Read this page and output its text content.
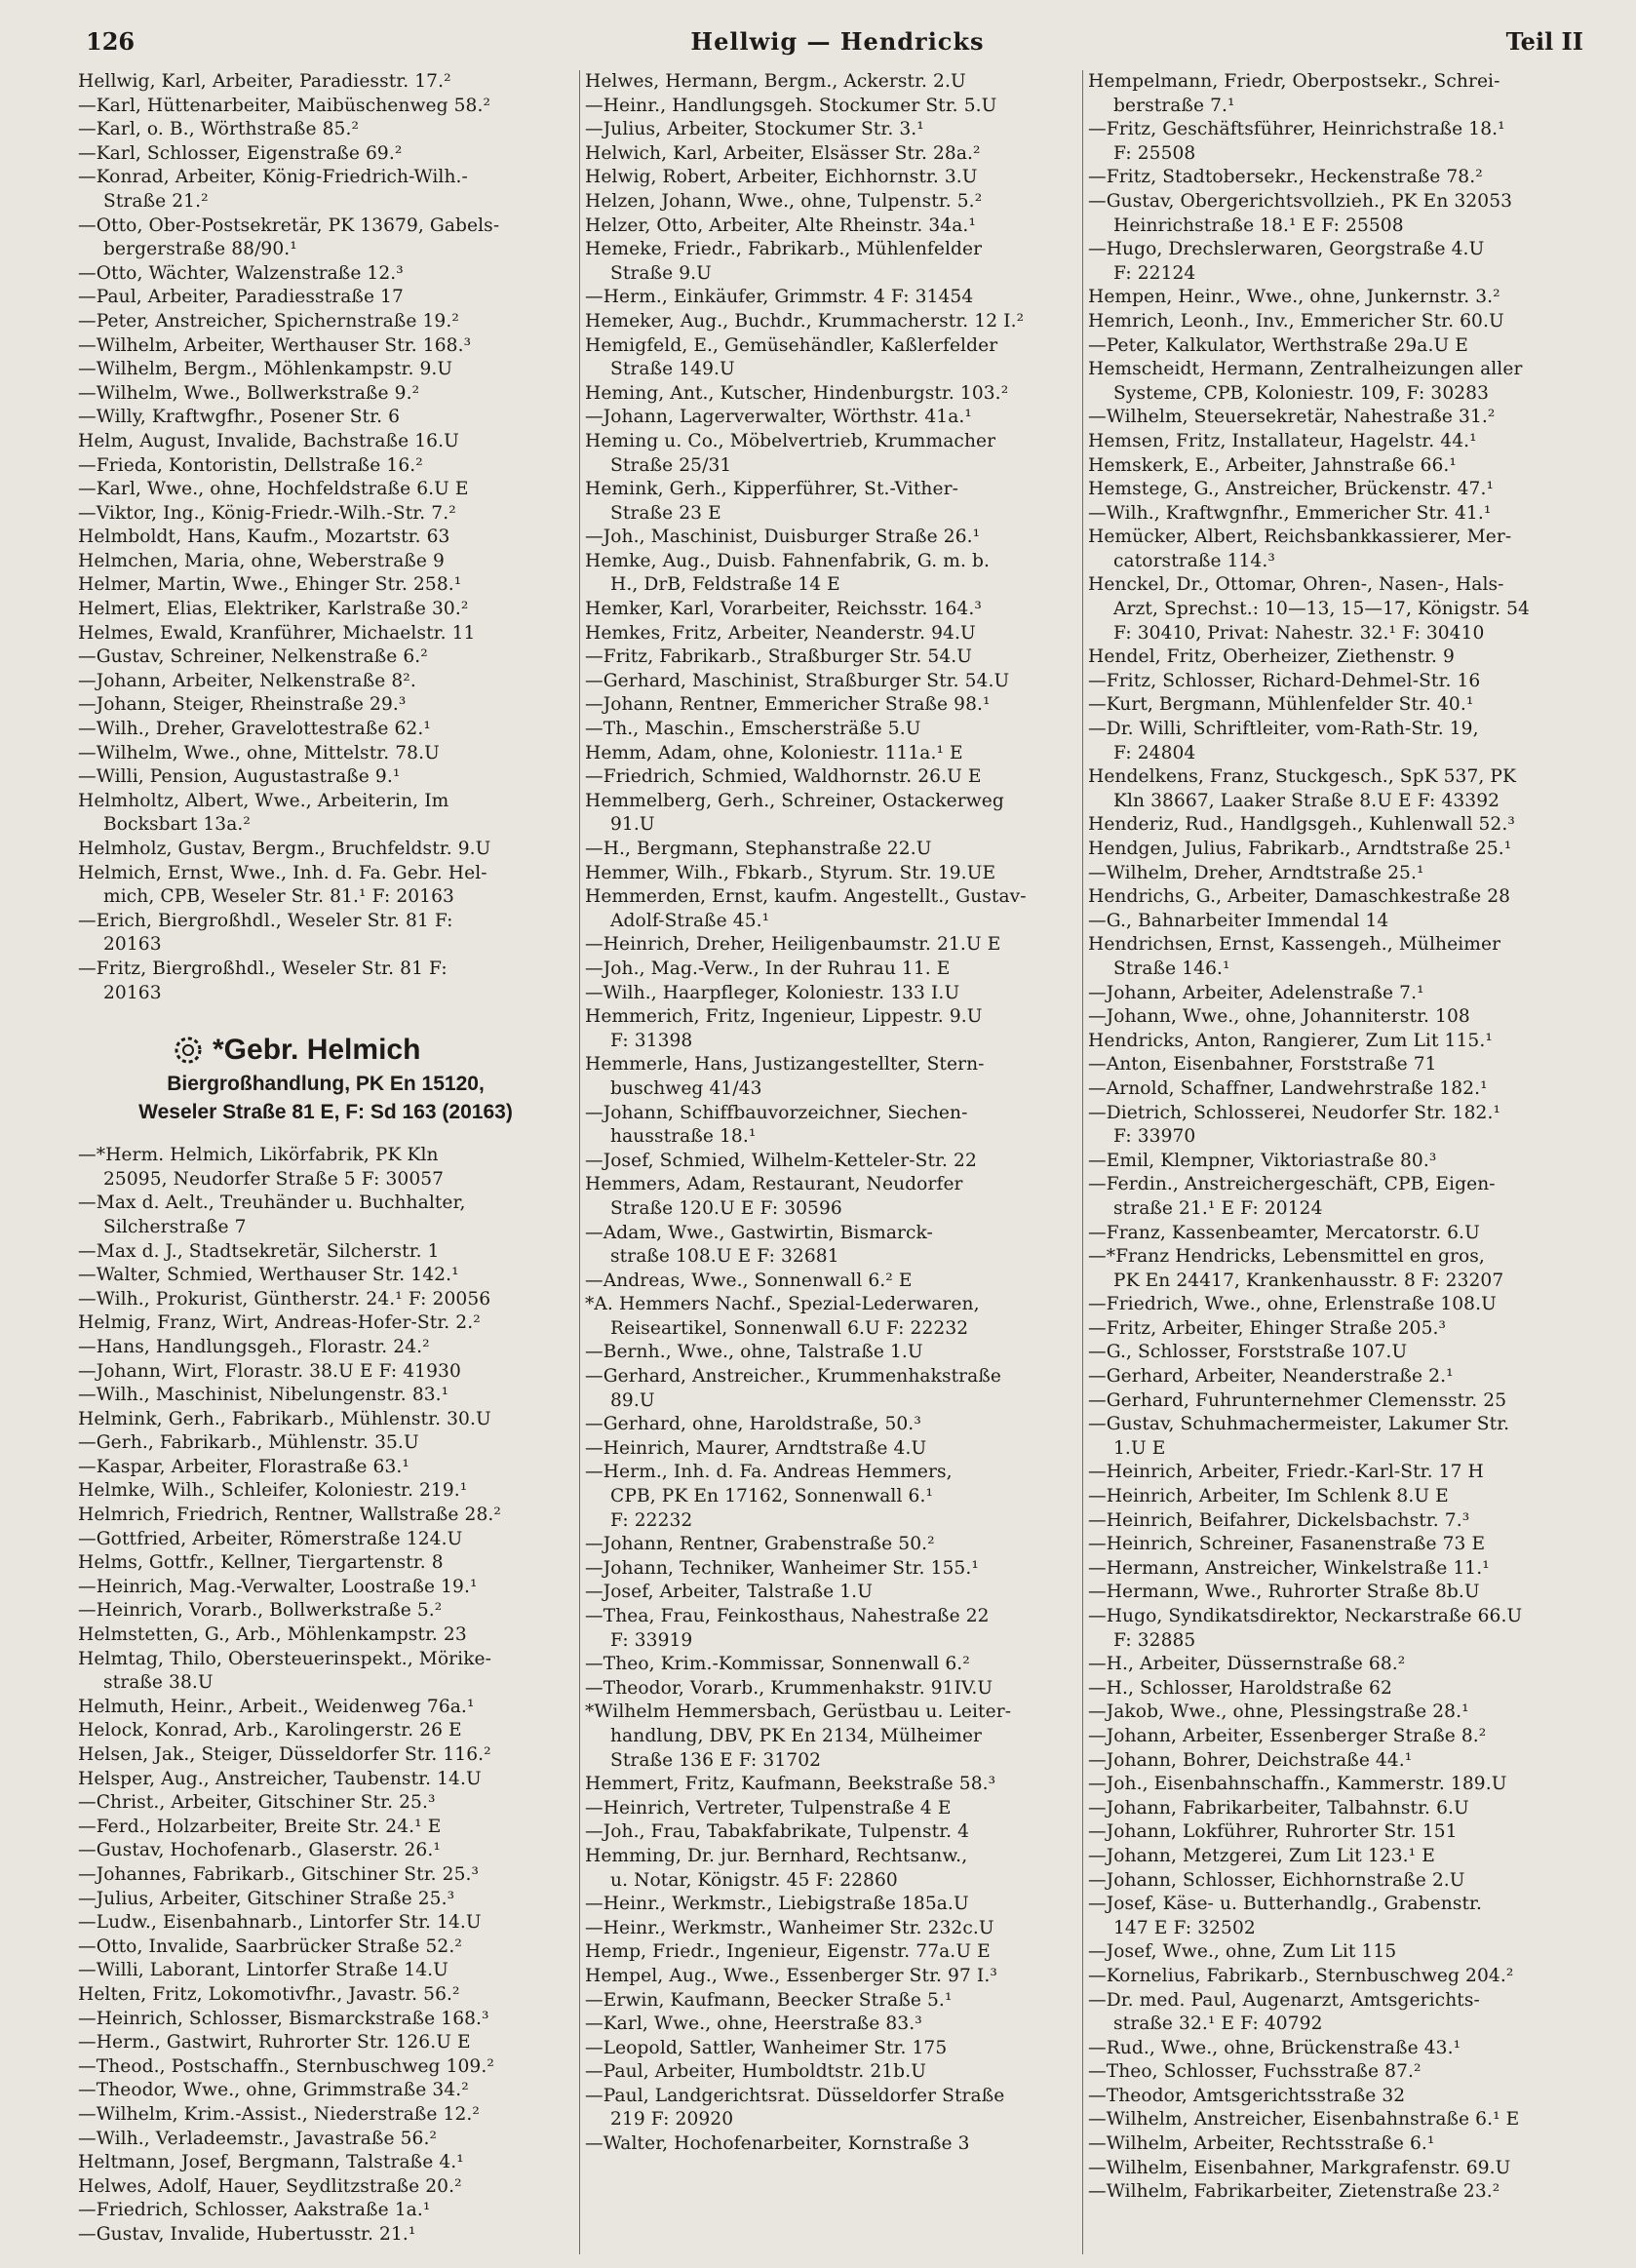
126	Hellwig — Hendricks	Teil II
Hellwig, Karl, Arbeiter, Paradiesstr. 17.²
—Karl, Hüttenarbeiter, Maibüschenweg 58.²
—Karl, o. B., Wörthstraße 85.²
—Karl, Schlosser, Eigenstraße 69.²
—Konrad, Arbeiter, König-Friedrich-Wilh.-
Straße 21.²
—Otto, Ober-Postsekretär, PK 13679, Gabels-
bergerstraße 88/90.¹
—Otto, Wächter, Walzenstraße 12.³
—Paul, Arbeiter, Paradiesstraße 17
—Peter, Anstreicher, Spichernstraße 19.²
—Wilhelm, Arbeiter, Werthauser Str. 168.³
—Wilhelm, Bergm., Möhlenkampstr. 9.U
—Wilhelm, Wwe., Bollwerkstraße 9.²
—Willy, Kraftwgfhr., Posener Str. 6
Helm, August, Invalide, Bachstraße 16.U
—Frieda, Kontoristin, Dellstraße 16.²
—Karl, Wwe., ohne, Hochfeldstraße 6.U E
—Viktor, Ing., König-Friedr.-Wilh.-Str. 7.²
Helmboldt, Hans, Kaufm., Mozartstr. 63
Helmchen, Maria, ohne, Weberstraße 9
Helmer, Martin, Wwe., Ehinger Str. 258.¹
Helmert, Elias, Elektriker, Karlstraße 30.²
Helmes, Ewald, Kranführer, Michaelstr. 11
—Gustav, Schreiner, Nelkenstraße 6.²
—Johann, Arbeiter, Nelkenstraße 8².
—Johann, Steiger, Rheinstraße 29.³
—Wilh., Dreher, Gravelottestraße 62.¹
—Wilhelm, Wwe., ohne, Mittelstr. 78.U
—Willi, Pension, Augustastraße 9.¹
Helmholtz, Albert, Wwe., Arbeiterin, Im
Bocksbart 13a.²
Helmholz, Gustav, Bergm., Bruchfeldstr. 9.U
Helmich, Ernst, Wwe., Inh. d. Fa. Gebr. Hel-
mich, CPB, Weseler Str. 81.¹ F: 20163
—Erich, Biergroßhdl., Weseler Str. 81 F:
20163
—Fritz, Biergroßhdl., Weseler Str. 81 F:
20163
*Gebr. Helmich
Biergroßhandlung, PK En 15120,
Weseler Straße 81 E, F: Sd 163 (20163)
—*Herm. Helmich, Likörfabrik, PK Kln
25095, Neudorfer Straße 5 F: 30057
—Max d. Aelt., Treuhänder u. Buchhalter,
Silcherstraße 7
—Max d. J., Stadtsekretär, Silcherstr. 1
—Walter, Schmied, Werthauser Str. 142.¹
—Wilh., Prokurist, Güntherstr. 24.¹ F: 20056
Helmig, Franz, Wirt, Andreas-Hofer-Str. 2.²
—Hans, Handlungsgeh., Florastr. 24.²
—Johann, Wirt, Florastr. 38.U E F: 41930
—Wilh., Maschinist, Nibelungenstr. 83.¹
Helmink, Gerh., Fabrikarb., Mühlenstr. 30.U
—Gerh., Fabrikarb., Mühlenstr. 35.U
—Kaspar, Arbeiter, Florastraße 63.¹
Helmke, Wilh., Schleifer, Koloniestr. 219.¹
Helmrich, Friedrich, Rentner, Wallstraße 28.²
—Gottfried, Arbeiter, Römerstraße 124.U
Helms, Gottfr., Kellner, Tiergartenstr. 8
—Heinrich, Mag.-Verwalter, Loostraße 19.¹
—Heinrich, Vorarb., Bollwerkstraße 5.²
Helmstetten, G., Arb., Möhlenkampstr. 23
Helmtag, Thilo, Obersteuerinspekt., Mörike-
straße 38.U
Helmuth, Heinr., Arbeit., Weidenweg 76a.¹
Helock, Konrad, Arb., Karolingerstr. 26 E
Helsen, Jak., Steiger, Düsseldorfer Str. 116.²
Helsper, Aug., Anstreicher, Taubenstr. 14.U
—Christ., Arbeiter, Gitschiner Str. 25.³
—Ferd., Holzarbeiter, Breite Str. 24.¹ E
—Gustav, Hochofenarb., Glaserstr. 26.¹
—Johannes, Fabrikarb., Gitschiner Str. 25.³
—Julius, Arbeiter, Gitschiner Straße 25.³
—Ludw., Eisenbahnarb., Lintorfer Str. 14.U
—Otto, Invalide, Saarbrücker Straße 52.²
—Willi, Laborant, Lintorfer Straße 14.U
Helten, Fritz, Lokomotivfhr., Javastr. 56.²
—Heinrich, Schlosser, Bismarckstraße 168.³
—Herm., Gastwirt, Ruhrorter Str. 126.U E
—Theod., Postschaffn., Sternbuschweg 109.²
—Theodor, Wwe., ohne, Grimmstraße 34.²
—Wilhelm, Krim.-Assist., Niederstraße 12.²
—Wilh., Verladeemstr., Javastraße 56.²
Heltmann, Josef, Bergmann, Talstraße 4.¹
Helwes, Adolf, Hauer, Seydlitzstraße 20.²
—Friedrich, Schlosser, Aakstraße 1a.¹
—Gustav, Invalide, Hubertusstr. 21.¹
Helwes, Hermann, Bergm., Ackerstr. 2.U
—Heinr., Handlungsgeh. Stockumer Str. 5.U
—Julius, Arbeiter, Stockumer Str. 3.¹
Helwich, Karl, Arbeiter, Elsässer Str. 28a.²
Helwig, Robert, Arbeiter, Eichhornstr. 3.U
Helzen, Johann, Wwe., ohne, Tulpenstr. 5.²
Helzer, Otto, Arbeiter, Alte Rheinstr. 34a.¹
Hemeke, Friedr., Fabrikarb., Mühlenfelder
Straße 9.U
—Herm., Einkäufer, Grimmstr. 4 F: 31454
Hemeker, Aug., Buchdr., Krummacherstr. 12 I.²
Hemigfeld, E., Gemüsehändler, Kaßlerfelder
Straße 149.U
Heming, Ant., Kutscher, Hindenburgstr. 103.²
—Johann, Lagerverwalter, Wörthstr. 41a.¹
Heming u. Co., Möbelvertrieb, Krummacher
Straße 25/31
Hemink, Gerh., Kipperführer, St.-Vither-
Straße 23 E
—Joh., Maschinist, Duisburger Straße 26.¹
Hemke, Aug., Duisb. Fahnenfabrik, G. m. b.
H., DrB, Feldstraße 14 E
Hemker, Karl, Vorarbeiter, Reichsstr. 164.³
Hemkes, Fritz, Arbeiter, Neanderstr. 94.U
—Fritz, Fabrikarb., Straßburger Str. 54.U
—Gerhard, Maschinist, Straßburger Str. 54.U
—Johann, Rentner, Emmericher Straße 98.¹
—Th., Maschin., Emschersträße 5.U
Hemm, Adam, ohne, Koloniestr. 111a.¹ E
—Friedrich, Schmied, Waldhornstr. 26.U E
Hemmelberg, Gerh., Schreiner, Ostackerweg
91.U
—H., Bergmann, Stephanstraße 22.U
Hemmer, Wilh., Fbkarb., Styrum. Str. 19.UE
Hemmerden, Ernst, kaufm. Angestellt., Gustav-
Adolf-Straße 45.¹
—Heinrich, Dreher, Heiligenbaumstr. 21.U E
—Joh., Mag.-Verw., In der Ruhrau 11. E
—Wilh., Haarpfleger, Koloniestr. 133 I.U
Hemmerich, Fritz, Ingenieur, Lippestr. 9.U
F: 31398
Hemmerle, Hans, Justizangestellter, Stern-
buschweg 41/43
—Johann, Schiffbauvorzeichner, Siechen-
hausstraße 18.¹
—Josef, Schmied, Wilhelm-Ketteler-Str. 22
Hemmers, Adam, Restaurant, Neudorfer
Straße 120.U E F: 30596
—Adam, Wwe., Gastwirtin, Bismarck-
straße 108.U E F: 32681
—Andreas, Wwe., Sonnenwall 6.² E
*A. Hemmers Nachf., Spezial-Lederwaren,
Reiseartikel, Sonnenwall 6.U F: 22232
—Bernh., Wwe., ohne, Talstraße 1.U
—Gerhard, Anstreicher., Krummenhakstraße
89.U
—Gerhard, ohne, Haroldstraße, 50.³
—Heinrich, Maurer, Arndtstraße 4.U
—Herm., Inh. d. Fa. Andreas Hemmers,
CPB, PK En 17162, Sonnenwall 6.¹
F: 22232
—Johann, Rentner, Grabenstraße 50.²
—Johann, Techniker, Wanheimer Str. 155.¹
—Josef, Arbeiter, Talstraße 1.U
—Thea, Frau, Feinkosthaus, Nahestraße 22
F: 33919
—Theo, Krim.-Kommissar, Sonnenwall 6.²
—Theodor, Vorarb., Krummenhakstr. 91IV.U
*Wilhelm Hemmersbach, Gerüstbau u. Leiter-
handlung, DBV, PK En 2134, Mülheimer
Straße 136 E F: 31702
Hemmert, Fritz, Kaufmann, Beekstraße 58.³
—Heinrich, Vertreter, Tulpenstraße 4 E
—Joh., Frau, Tabakfabrikate, Tulpenstr. 4
Hemming, Dr. jur. Bernhard, Rechtsanw.,
u. Notar, Königstr. 45 F: 22860
—Heinr., Werkmstr., Liebigstraße 185a.U
—Heinr., Werkmstr., Wanheimer Str. 232c.U
Hemp, Friedr., Ingenieur, Eigenstr. 77a.U E
Hempel, Aug., Wwe., Essenberger Str. 97 I.³
—Erwin, Kaufmann, Beecker Straße 5.¹
—Karl, Wwe., ohne, Heerstraße 83.³
—Leopold, Sattler, Wanheimer Str. 175
—Paul, Arbeiter, Humboldtstr. 21b.U
—Paul, Landgerichtsrat. Düsseldorfer Straße
219 F: 20920
—Walter, Hochofenarbeiter, Kornstraße 3
Hempelmann, Friedr, Oberpostsekr., Schrei-
berstraße 7.¹
—Fritz, Geschäftsführer, Heinrichstraße 18.¹
F: 25508
—Fritz, Stadtobersekr., Heckenstraße 78.²
—Gustav, Obergerichtsvollzieh., PK En 32053
Heinrichstraße 18.¹ E F: 25508
—Hugo, Drechslerwaren, Georgstraße 4.U
F: 22124
Hempen, Heinr., Wwe., ohne, Junkernstr. 3.²
Hemrich, Leonh., Inv., Emmericher Str. 60.U
—Peter, Kalkulator, Werthstraße 29a.U E
Hemscheidt, Hermann, Zentralheizungen aller
Systeme, CPB, Koloniestr. 109, F: 30283
—Wilhelm, Steuersekretär, Nahestraße 31.²
Hemsen, Fritz, Installateur, Hagelstr. 44.¹
Hemskerk, E., Arbeiter, Jahnstraße 66.¹
Hemstege, G., Anstreicher, Brückenstr. 47.¹
—Wilh., Kraftwgnfhr., Emmericher Str. 41.¹
Hemücker, Albert, Reichsbankkassierer, Mer-
catorstraße 114.³
Henckel, Dr., Ottomar, Ohren-, Nasen-, Hals-
Arzt, Sprechst.: 10—13, 15—17, Königstr. 54
F: 30410, Privat: Nahestr. 32.¹ F: 30410
Hendel, Fritz, Oberheizer, Ziethenstr. 9
—Fritz, Schlosser, Richard-Dehmel-Str. 16
—Kurt, Bergmann, Mühlenfelder Str. 40.¹
—Dr. Willi, Schriftleiter, vom-Rath-Str. 19,
F: 24804
Hendelkens, Franz, Stuckgesch., SpK 537, PK
Kln 38667, Laaker Straße 8.U E F: 43392
Henderiz, Rud., Handlgsgeh., Kuhlenwall 52.³
Hendgen, Julius, Fabrikarb., Arndtstraße 25.¹
—Wilhelm, Dreher, Arndtstraße 25.¹
Hendrichs, G., Arbeiter, Damaschkestraße 28
—G., Bahnarbeiter Immendal 14
Hendrichsen, Ernst, Kassengeh., Mülheimer
Straße 146.¹
—Johann, Arbeiter, Adelenstraße 7.¹
—Johann, Wwe., ohne, Johanniterstr. 108
Hendricks, Anton, Rangierer, Zum Lit 115.¹
—Anton, Eisenbahner, Forststraße 71
—Arnold, Schaffner, Landwehrstraße 182.¹
—Dietrich, Schlosserei, Neudorfer Str. 182.¹
F: 33970
—Emil, Klempner, Viktoriastraße 80.³
—Ferdin., Anstreichergeschäft, CPB, Eigen-
straße 21.¹ E F: 20124
—Franz, Kassenbeamter, Mercatorstr. 6.U
—*Franz Hendricks, Lebensmittel en gros,
PK En 24417, Krankenhausstr. 8 F: 23207
—Friedrich, Wwe., ohne, Erlenstraße 108.U
—Fritz, Arbeiter, Ehinger Straße 205.³
—G., Schlosser, Forststraße 107.U
—Gerhard, Arbeiter, Neanderstraße 2.¹
—Gerhard, Fuhrunternehmer Clemensstr. 25
—Gustav, Schuhmachermeister, Lakumer Str.
1.U E
—Heinrich, Arbeiter, Friedr.-Karl-Str. 17 H
—Heinrich, Arbeiter, Im Schlenk 8.U E
—Heinrich, Beifahrer, Dickelsbachstr. 7.³
—Heinrich, Schreiner, Fasanenstraße 73 E
—Hermann, Anstreicher, Winkelstraße 11.¹
—Hermann, Wwe., Ruhrorter Straße 8b.U
—Hugo, Syndikatsdirektor, Neckarstraße 66.U
F: 32885
—H., Arbeiter, Düssernstraße 68.²
—H., Schlosser, Haroldstraße 62
—Jakob, Wwe., ohne, Plessingstraße 28.¹
—Johann, Arbeiter, Essenberger Straße 8.²
—Johann, Bohrer, Deichstraße 44.¹
—Joh., Eisenbahnschaffn., Kammerstr. 189.U
—Johann, Fabrikarbeiter, Talbahnstr. 6.U
—Johann, Lokführer, Ruhrorter Str. 151
—Johann, Metzgerei, Zum Lit 123.¹ E
—Johann, Schlosser, Eichhornstraße 2.U
—Josef, Käse- u. Butterhandlg., Grabenstr.
147 E F: 32502
—Josef, Wwe., ohne, Zum Lit 115
—Kornelius, Fabrikarb., Sternbuschweg 204.²
—Dr. med. Paul, Augenarzt, Amtsgerichts-
straße 32.¹ E F: 40792
—Rud., Wwe., ohne, Brückenstraße 43.¹
—Theo, Schlosser, Fuchsstraße 87.²
—Theodor, Amtsgerichtsstraße 32
—Wilhelm, Anstreicher, Eisenbahnstraße 6.¹ E
—Wilhelm, Arbeiter, Rechtsstraße 6.¹
—Wilhelm, Eisenbahner, Markgrafenstr. 69.U
—Wilhelm, Fabrikarbeiter, Zietenstraße 23.²
